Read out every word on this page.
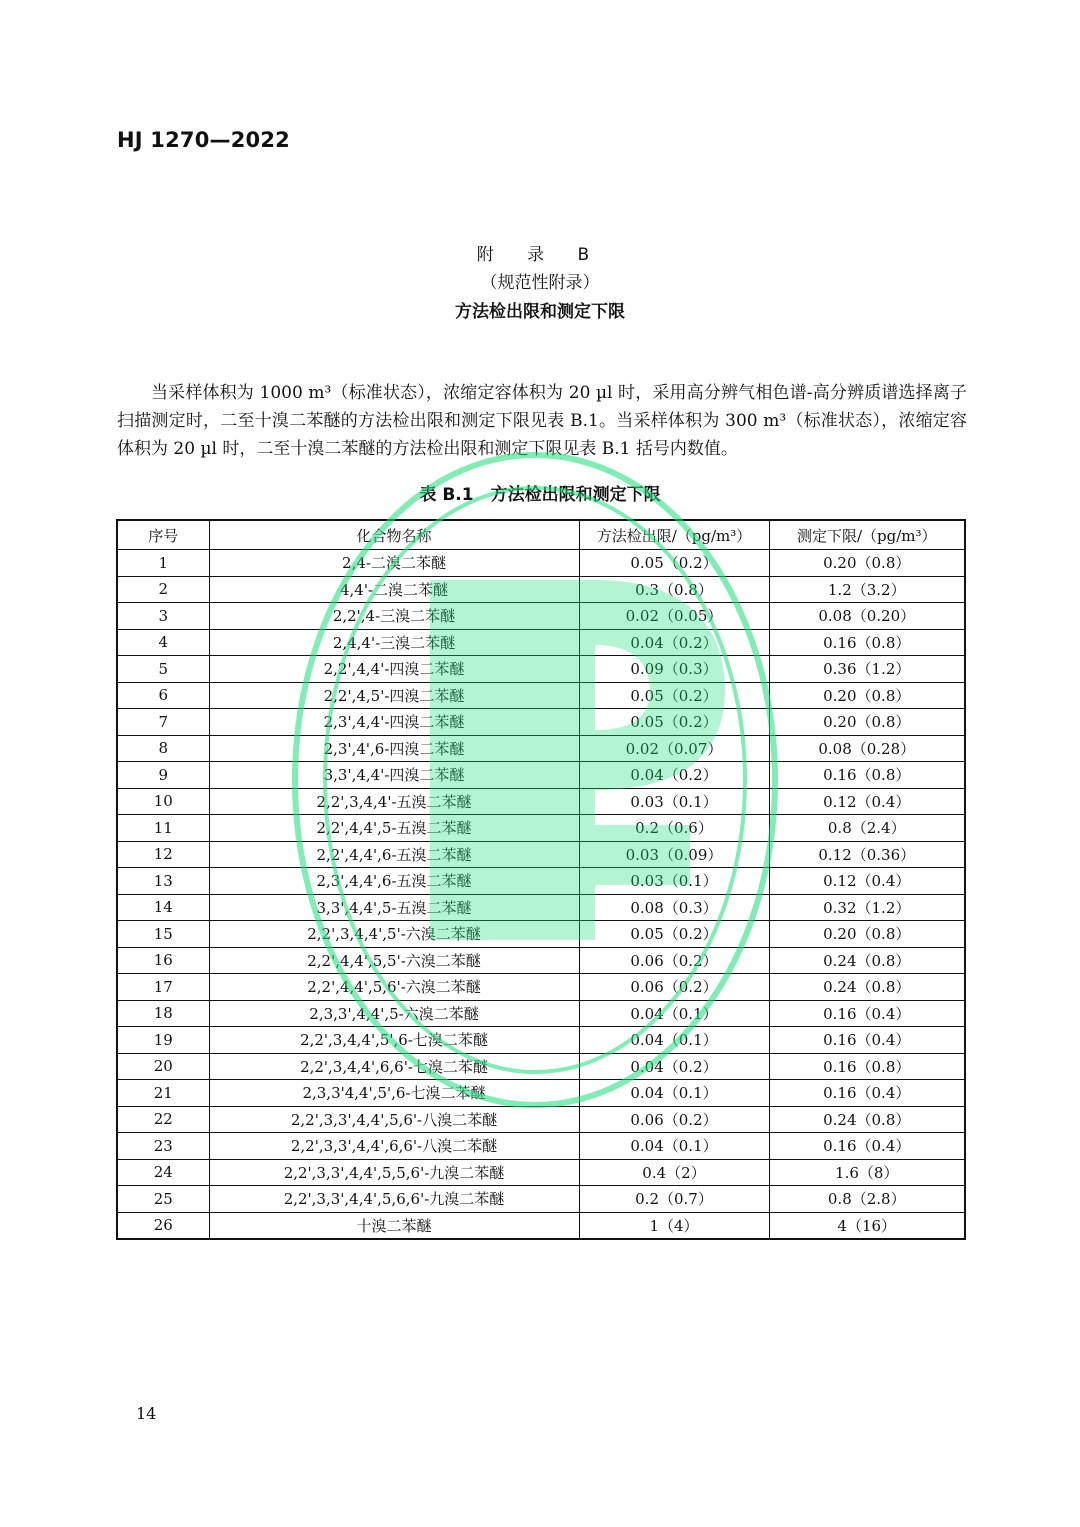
HJ 1270—2022
附 录 B
（规范性附录）
方法检出限和测定下限

当采样体积为 1000 m³（标准状态），浓缩定容体积为 20 µl 时，采用高分辨气相色谱-高分辨质谱选择离子扫描测定时，二至十溴二苯醚的方法检出限和测定下限见表 B.1。当采样体积为 300 m³（标准状态），浓缩定容体积为 20 µl 时，二至十溴二苯醚的方法检出限和测定下限见表 B.1 括号内数值。

表 B.1　方法检出限和测定下限
序号	化合物名称	方法检出限/（pg/m³）	测定下限/（pg/m³）
1	2,4-二溴二苯醚	0.05（0.2）	0.20（0.8）
2	4,4'-二溴二苯醚	0.3（0.8）	1.2（3.2）
3	2,2',4-三溴二苯醚	0.02（0.05）	0.08（0.20）
4	2,4,4'-三溴二苯醚	0.04（0.2）	0.16（0.8）
5	2,2',4,4'-四溴二苯醚	0.09（0.3）	0.36（1.2）
6	2,2',4,5'-四溴二苯醚	0.05（0.2）	0.20（0.8）
7	2,3',4,4'-四溴二苯醚	0.05（0.2）	0.20（0.8）
8	2,3',4',6-四溴二苯醚	0.02（0.07）	0.08（0.28）
9	3,3',4,4'-四溴二苯醚	0.04（0.2）	0.16（0.8）
10	2,2',3,4,4'-五溴二苯醚	0.03（0.1）	0.12（0.4）
11	2,2',4,4',5-五溴二苯醚	0.2（0.6）	0.8（2.4）
12	2,2',4,4',6-五溴二苯醚	0.03（0.09）	0.12（0.36）
13	2,3',4,4',6-五溴二苯醚	0.03（0.1）	0.12（0.4）
14	3,3',4,4',5-五溴二苯醚	0.08（0.3）	0.32（1.2）
15	2,2',3,4,4',5'-六溴二苯醚	0.05（0.2）	0.20（0.8）
16	2,2',4,4',5,5'-六溴二苯醚	0.06（0.2）	0.24（0.8）
17	2,2',4,4',5,6'-六溴二苯醚	0.06（0.2）	0.24（0.8）
18	2,3,3',4,4',5-六溴二苯醚	0.04（0.1）	0.16（0.4）
19	2,2',3,4,4',5',6-七溴二苯醚	0.04（0.1）	0.16（0.4）
20	2,2',3,4,4',6,6'-七溴二苯醚	0.04（0.2）	0.16（0.8）
21	2,3,3'4,4',5',6-七溴二苯醚	0.04（0.1）	0.16（0.4）
22	2,2',3,3',4,4',5,6'-八溴二苯醚	0.06（0.2）	0.24（0.8）
23	2,2',3,3',4,4',6,6'-八溴二苯醚	0.04（0.1）	0.16（0.4）
24	2,2',3,3',4,4',5,5,6'-九溴二苯醚	0.4（2）	1.6（8）
25	2,2',3,3',4,4',5,6,6'-九溴二苯醚	0.2（0.7）	0.8（2.8）
26	十溴二苯醚	1（4）	4（16）
14
